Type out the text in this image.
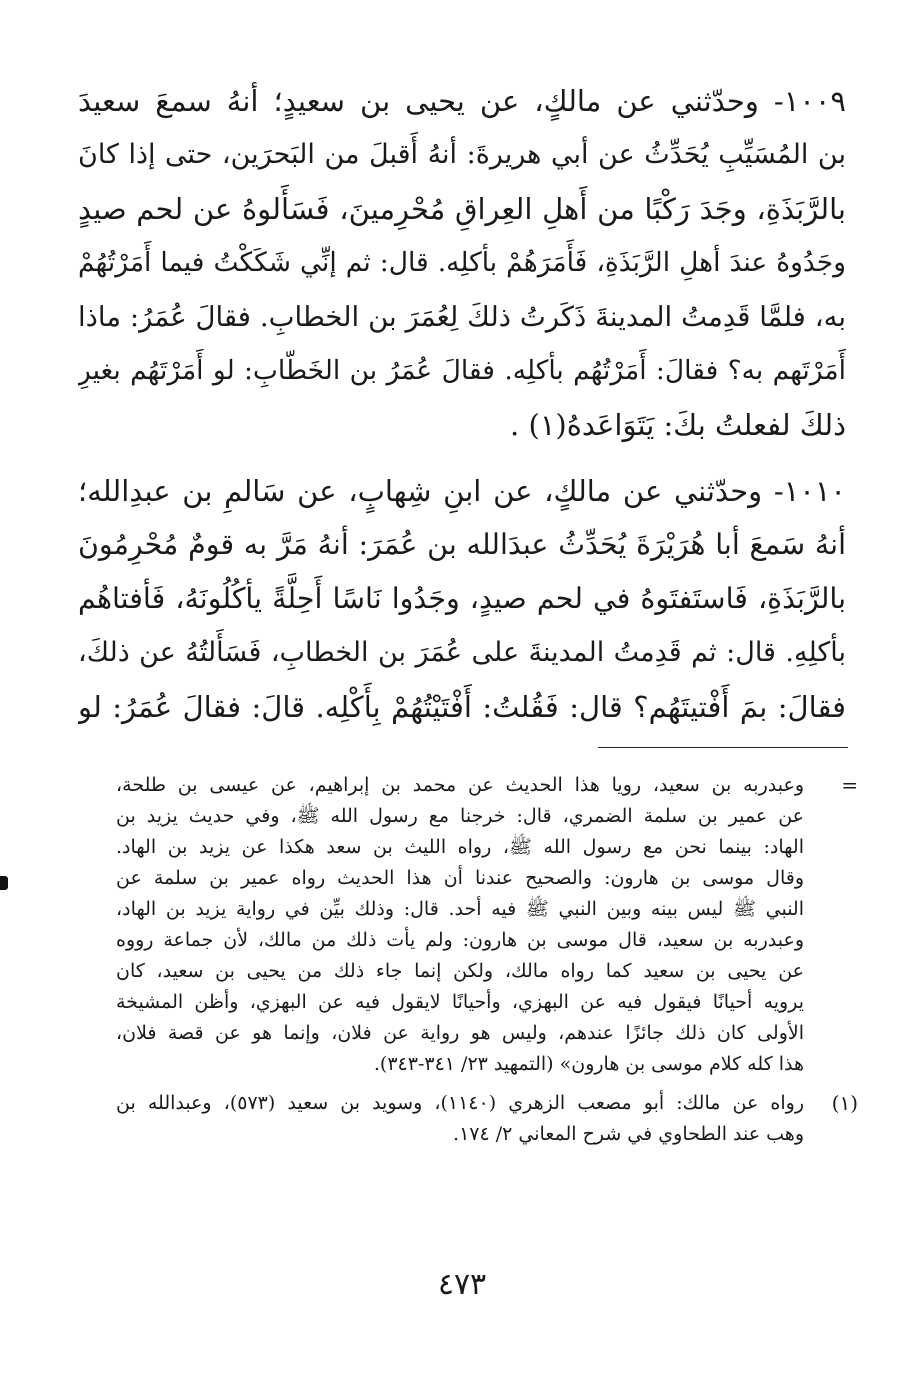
١٠٠٩- وحدّثني عن مالكٍ، عن يحيى بن سعيدٍ؛ أنهُ سمعَ سعيدَ
بن المُسَيِّبِ يُحَدِّثُ عن أبي هريرةَ: أنهُ أَقبلَ من البَحرَين، حتى إذا كانَ
بالرَّبَذَةِ، وجَدَ رَكْبًا من أَهلِ العِراقِ مُحْرِمينَ، فَسَأَلوهُ عن لحم صيدٍ
وجَدُوهُ عندَ أهلِ الرَّبَذَةِ، فَأَمَرَهُمْ بأكلِه. قال: ثم إنِّي شَكَكْتُ فيما أَمَرْتُهُمْ
به، فلمَّا قَدِمتُ المدينةَ ذَكَرتُ ذلكَ لِعُمَرَ بن الخطابِ. فقالَ عُمَرُ: ماذا
أَمَرْتَهم به؟ فقالَ: أَمَرْتُهُم بأكلِه. فقالَ عُمَرُ بن الخَطّابِ: لو أَمَرْتَهُم بغيرِ
ذلكَ لفعلتُ بكَ: يَتَوَاعَدهُ(١) .
١٠١٠- وحدّثني عن مالكٍ، عن ابنِ شِهابٍ، عن سَالمِ بن عبدِالله؛
أنهُ سَمعَ أبا هُرَيْرَةَ يُحَدِّثُ عبدَالله بن عُمَرَ: أنهُ مَرَّ به قومٌ مُحْرِمُونَ
بالرَّبَذَةِ، فَاستَفتَوهُ في لحم صيدٍ، وجَدُوا نَاسًا أَحِلَّةً يأكُلُونَهُ، فَأفتاهُم
بأكلِهِ. قال: ثم قَدِمتُ المدينةَ على عُمَرَ بن الخطابِ، فَسَأَلتُهُ عن ذلكَ،
فقالَ: بمَ أَفْتيتَهُم؟ قال: فَقُلتُ: أَفْتَيْتُهُمْ بِأَكْلِه. قالَ: فقالَ عُمَرُ: لو
=
وعبدربه بن سعيد، رويا هذا الحديث عن محمد بن إبراهيم، عن عيسى بن طلحة،
عن عمير بن سلمة الضمري، قال: خرجنا مع رسول الله ﷺ، وفي حديث يزيد بن
الهاد: بينما نحن مع رسول الله ﷺ، رواه الليث بن سعد هكذا عن يزيد بن الهاد.
وقال موسى بن هارون: والصحيح عندنا أن هذا الحديث رواه عمير بن سلمة عن
النبي ﷺ ليس بينه وبين النبي ﷺ فيه أحد. قال: وذلك بيِّن في رواية يزيد بن الهاد،
وعبدربه بن سعيد، قال موسى بن هارون: ولم يأت ذلك من مالك، لأن جماعة رووه
عن يحيى بن سعيد كما رواه مالك، ولكن إنما جاء ذلك من يحيى بن سعيد، كان
يرويه أحيانًا فيقول فيه عن البهزي، وأحيانًا لايقول فيه عن البهزي، وأظن المشيخة
الأولى كان ذلك جائزًا عندهم، وليس هو رواية عن فلان، وإنما هو عن قصة فلان،
هذا كله كلام موسى بن هارون» (التمهيد ٢٣/ ٣٤١-٣٤٣).
(١)
رواه عن مالك: أبو مصعب الزهري (١١٤٠)، وسويد بن سعيد (٥٧٣)، وعبدالله بن
وهب عند الطحاوي في شرح المعاني ٢/ ١٧٤.
٤٧٣
